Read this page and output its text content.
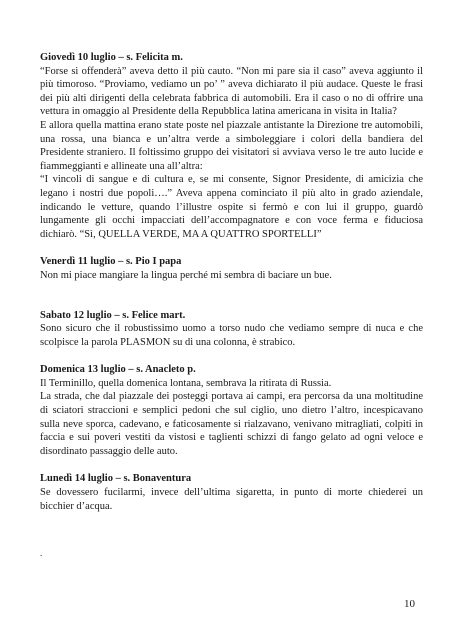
Giovedì 10 luglio – s. Felicita m.

“Forse si offenderà” aveva detto il più cauto. “Non mi pare sia il caso” aveva aggiunto il più timoroso. “Proviamo, vediamo un po’ ” aveva dichiarato il più audace. Queste le frasi dei più alti dirigenti della celebrata fabbrica di automobili. Era il caso o no di offrire una vettura in omaggio al Presidente della Repubblica latina americana in visita in Italia?

E allora quella mattina erano state poste nel piazzale antistante la Direzione tre automobili, una rossa, una bianca e un’altra verde a simboleggiare i colori della bandiera del Presidente straniero. Il foltissimo gruppo dei visitatori si avviava verso le tre auto lucide e fiammeggianti e allineate una all’altra:

“I vincoli di sangue e di cultura e, se mi consente, Signor Presidente, di amicizia che legano i nostri due popoli….” Aveva appena cominciato il più alto in grado aziendale, indicando le vetture, quando l’illustre ospite si fermò e con lui il gruppo, guardò lungamente gli occhi impacciati dell’accompagnatore e con voce ferma e fiduciosa dichiarò. “Sì, QUELLA VERDE, MA A QUATTRO SPORTELLI”

Venerdì 11 luglio – s. Pio I papa

Non mi piace mangiare la lingua perché mi sembra di baciare un bue.

Sabato 12 luglio – s. Felice mart.

Sono sicuro che il robustissimo uomo a torso nudo che vediamo sempre di nuca e che scolpisce la parola PLASMON su di una colonna, è strabico.

Domenica 13 luglio – s. Anacleto p.

Il Terminillo, quella domenica lontana, sembrava la ritirata di Russia.

La strada, che dal piazzale dei posteggi portava ai campi, era percorsa da una moltitudine di sciatori straccioni e semplici pedoni che sul ciglio, uno dietro l’altro, incespicavano sulla neve sporca, cadevano, e faticosamente si rialzavano, venivano mitragliati, colpiti in faccia e sui poveri vestiti da vistosi e taglienti schizzi di fango gelato ad ogni veloce e disordinato passaggio delle auto.

Lunedì 14 luglio – s. Bonaventura

Se dovessero fucilarmi, invece dell’ultima sigaretta, in punto di morte chiederei un bicchier d’acqua.

.
10
